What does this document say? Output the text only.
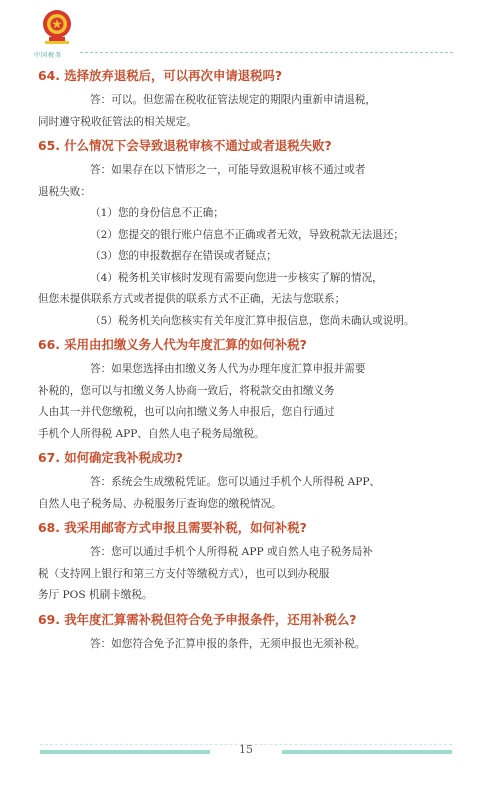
中国税务
64. 选择放弃退税后，可以再次申请退税吗?

答：可以。但您需在税收征管法规定的期限内重新申请退税，

同时遵守税收征管法的相关规定。

65. 什么情况下会导致退税审核不通过或者退税失败?

答：如果存在以下情形之一，可能导致退税审核不通过或者

退税失败：

（1）您的身份信息不正确；

（2）您提交的银行账户信息不正确或者无效，导致税款无法退还；

（3）您的申报数据存在错误或者疑点；

（4）税务机关审核时发现有需要向您进一步核实了解的情况，

但您未提供联系方式或者提供的联系方式不正确，无法与您联系；

（5）税务机关向您核实有关年度汇算申报信息，您尚未确认或说明。

66. 采用由扣缴义务人代为年度汇算的如何补税?

答：如果您选择由扣缴义务人代为办理年度汇算申报并需要

补税的，您可以与扣缴义务人协商一致后，将税款交由扣缴义务

人由其一并代您缴税，也可以向扣缴义务人申报后，您自行通过

手机个人所得税 APP、自然人电子税务局缴税。

67. 如何确定我补税成功?

答：系统会生成缴税凭证。您可以通过手机个人所得税 APP、

自然人电子税务局、办税服务厅查询您的缴税情况。

68. 我采用邮寄方式申报且需要补税，如何补税?

答：您可以通过手机个人所得税 APP 或自然人电子税务局补

税（支持网上银行和第三方支付等缴税方式），也可以到办税服

务厅 POS 机刷卡缴税。

69. 我年度汇算需补税但符合免予申报条件，还用补税么?

答：如您符合免予汇算申报的条件，无须申报也无须补税。

15
